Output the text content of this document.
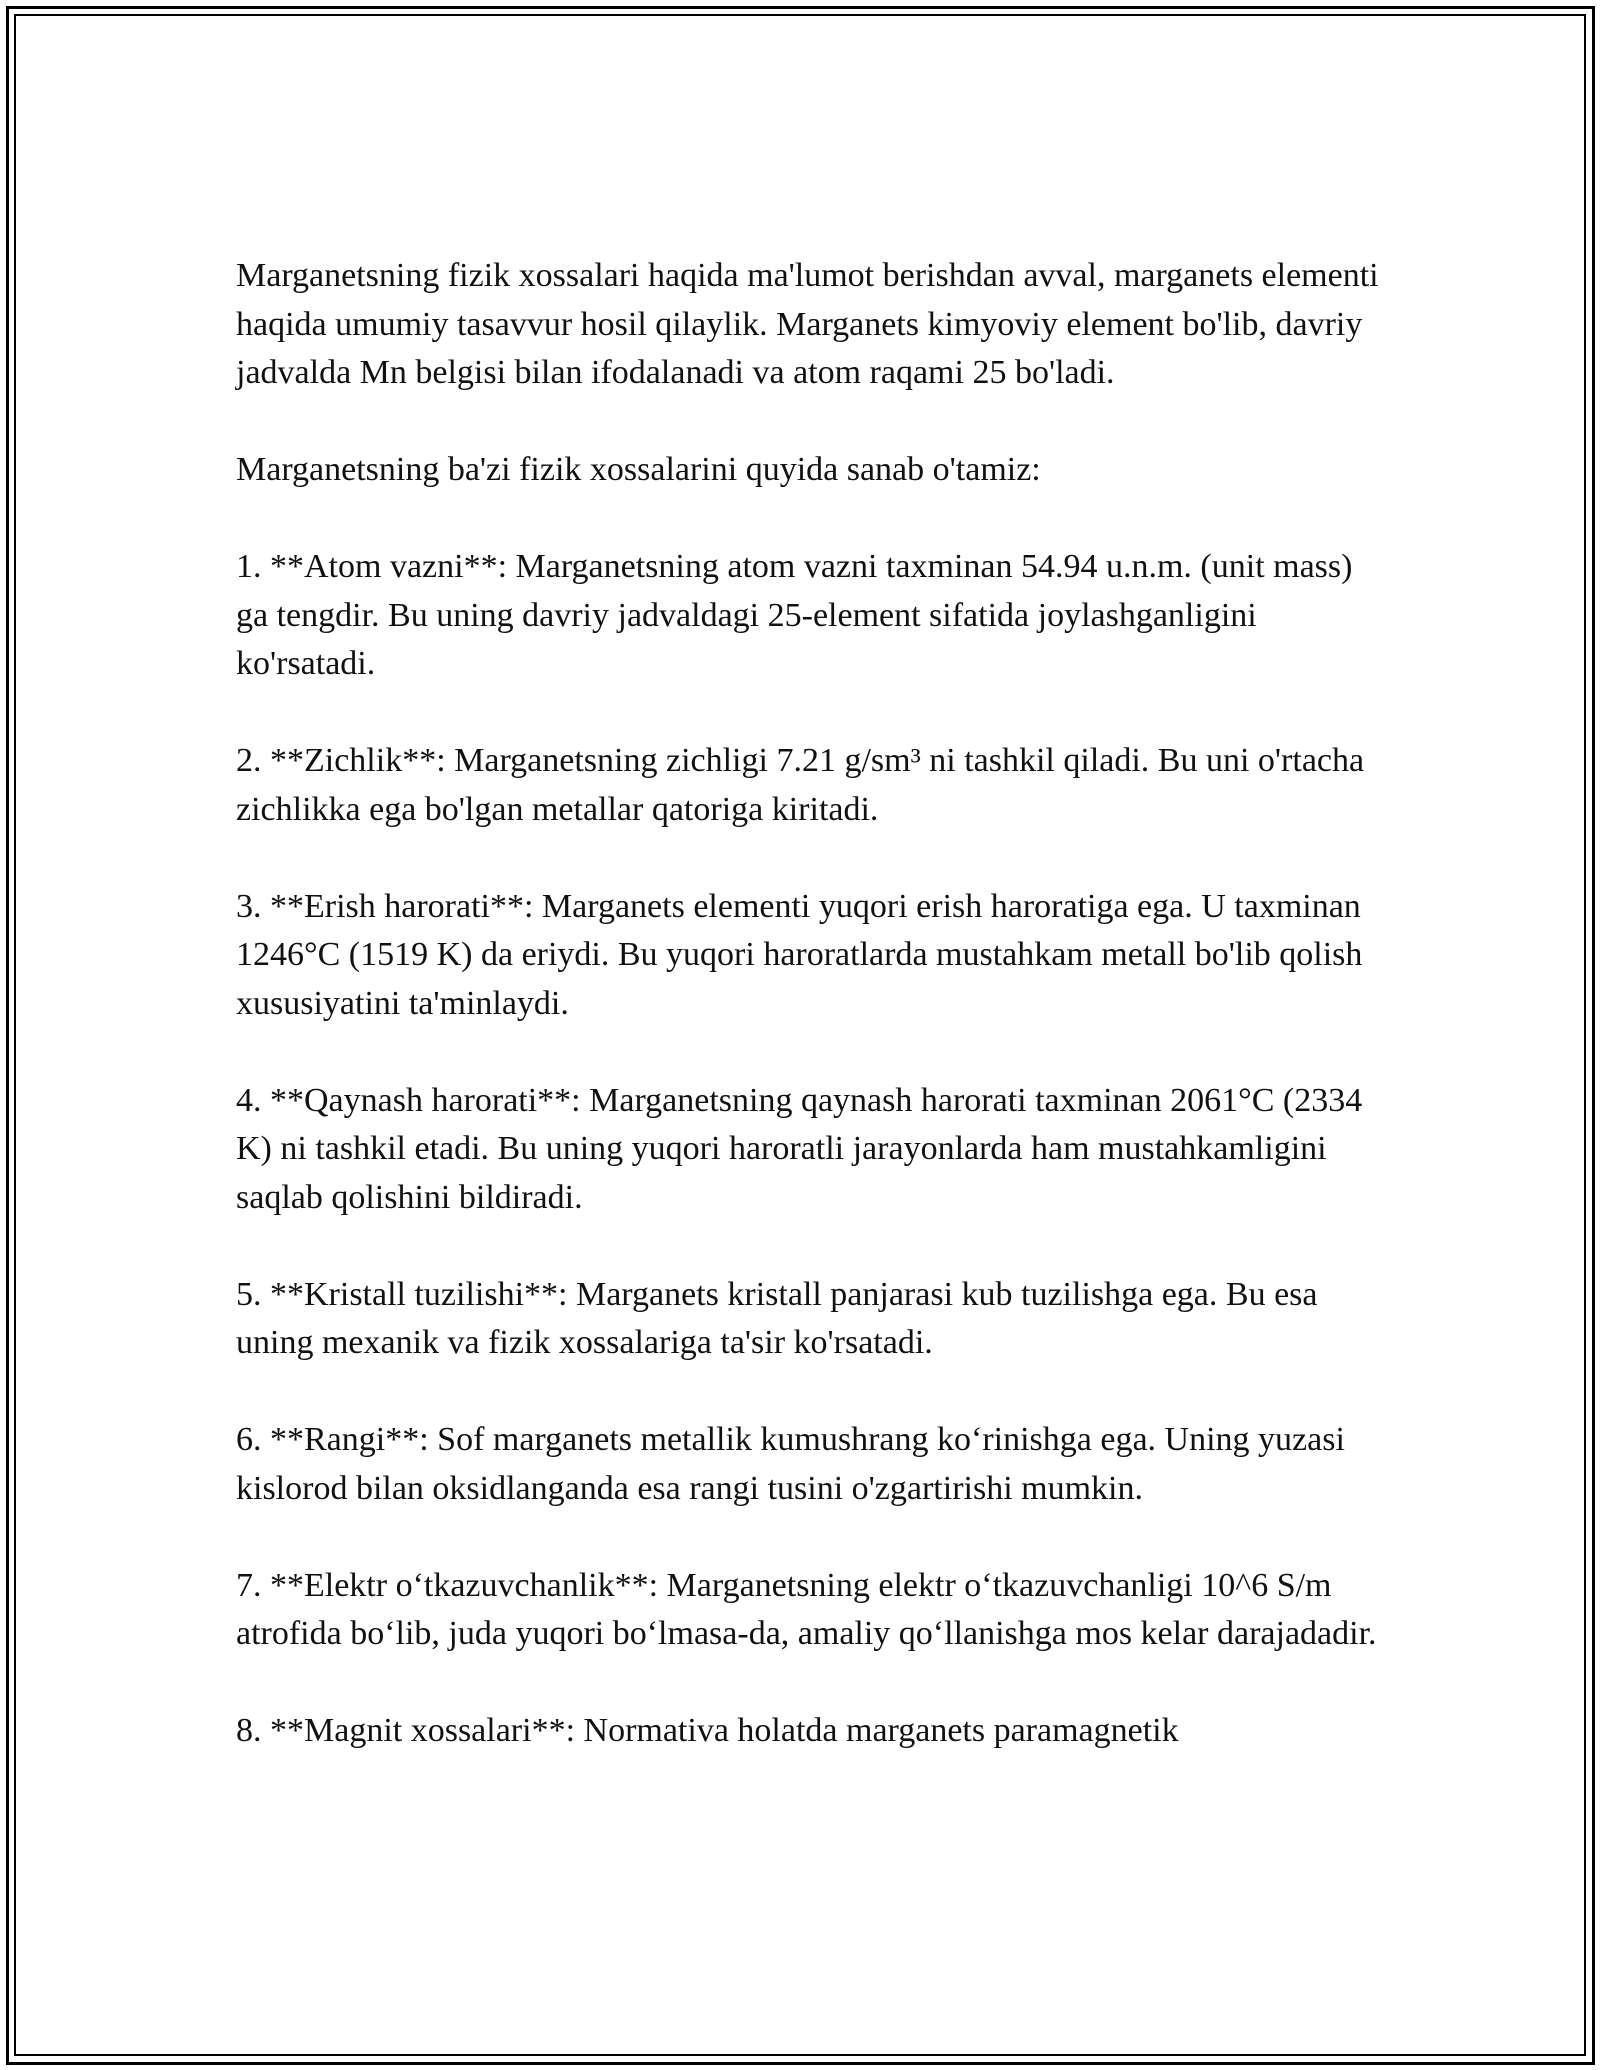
Marganetsning fizik xossalari haqida ma'lumot berishdan avval, marganets elementi haqida umumiy tasavvur hosil qilaylik. Marganets kimyoviy element bo'lib, davriy jadvalda Mn belgisi bilan ifodalanadi va atom raqami 25 bo'ladi.

Marganetsning ba'zi fizik xossalarini quyida sanab o'tamiz:

1. **Atom vazni**: Marganetsning atom vazni taxminan 54.94 u.n.m. (unit mass) ga tengdir. Bu uning davriy jadvaldagi 25-element sifatida joylashganligini ko'rsatadi.

2. **Zichlik**: Marganetsning zichligi 7.21 g/sm³ ni tashkil qiladi. Bu uni o'rtacha zichlikka ega bo'lgan metallar qatoriga kiritadi.

3. **Erish harorati**: Marganets elementi yuqori erish haroratiga ega. U taxminan 1246°C (1519 K) da eriydi. Bu yuqori haroratlarda mustahkam metall bo'lib qolish xususiyatini ta'minlaydi.

4. **Qaynash harorati**: Marganetsning qaynash harorati taxminan 2061°C (2334 K) ni tashkil etadi. Bu uning yuqori haroratli jarayonlarda ham mustahkamligini saqlab qolishini bildiradi.

5. **Kristall tuzilishi**: Marganets kristall panjarasi kub tuzilishga ega. Bu esa uning mexanik va fizik xossalariga ta'sir ko'rsatadi.

6. **Rangi**: Sof marganets metallik kumushrang ko‘rinishga ega. Uning yuzasi kislorod bilan oksidlanganda esa rangi tusini o'zgartirishi mumkin.

7. **Elektr o‘tkazuvchanlik**: Marganetsning elektr o‘tkazuvchanligi 10^6 S/m atrofida bo‘lib, juda yuqori bo‘lmasa-da, amaliy qo‘llanishga mos kelar darajadadir.

8. **Magnit xossalari**: Normativa holatda marganets paramagnetik
